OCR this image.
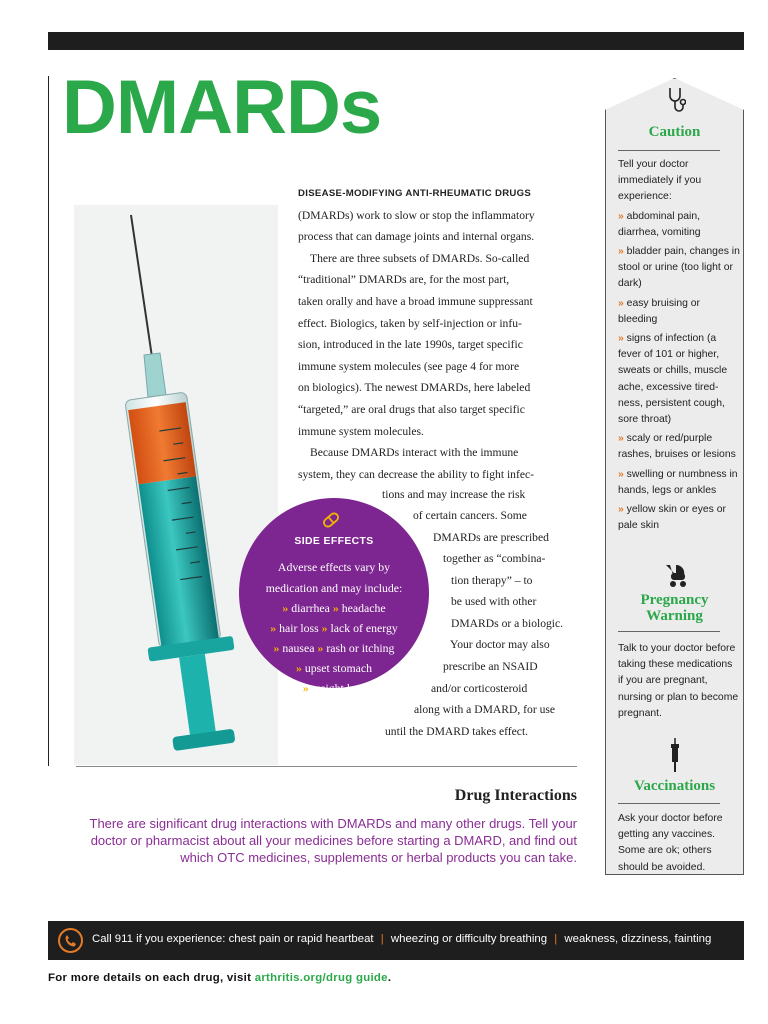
DMARDs

DISEASE-MODIFYING ANTI-RHEUMATIC DRUGS

(DMARDs) work to slow or stop the inflammatory

process that can damage joints and internal organs.

There are three subsets of DMARDs. So-called

“traditional” DMARDs are, for the most part,

taken orally and have a broad immune suppressant

effect. Biologics, taken by self-injection or infu-

sion, introduced in the late 1990s, target specific

immune system molecules (see page 4 for more

on biologics). The newest DMARDs, here labeled

“targeted,” are oral drugs that also target specific

immune system molecules.

Because DMARDs interact with the immune

system, they can decrease the ability to fight infec-

tions and may increase the risk
of certain cancers. Some
DMARDs are prescribed
together as “combina-
tion therapy” – to
be used with other
DMARDs or a biologic.
Your doctor may also
prescribe an NSAID
and/or corticosteroid
along with a DMARD, for use
until the DMARD takes effect.
SIDE EFFECTS
Adverse effects vary by
medication and may include:
» diarrhea » headache
» hair loss » lack of energy
» nausea » rash or itching
» upset stomach
» weight loss
Drug Interactions
There are significant drug interactions with DMARDs and many other drugs. Tell your doctor or pharmacist about all your medicines before starting a DMARD, and find out which OTC medicines, supplements or herbal products you can take.
Caution
Tell your doctor immediately if you experience:
» abdominal pain, diarrhea, vomiting
» bladder pain, changes in stool or urine (too light or dark)
» easy bruising or bleeding
» signs of infection (a fever of 101 or higher, sweats or chills, muscle ache, excessive tired-ness, persistent cough, sore throat)
» scaly or red/purple rashes, bruises or lesions
» swelling or numbness in hands, legs or ankles
» yellow skin or eyes or pale skin
Pregnancy
Warning
Talk to your doctor before taking these medications if you are pregnant, nursing or plan to become pregnant.
Vaccinations
Ask your doctor before getting any vaccines. Some are ok; others should be avoided.
Call 911 if you experience: chest pain or rapid heartbeat | wheezing or difficulty breathing | weakness, dizziness, fainting
For more details on each drug, visit arthritis.org/drug guide.
